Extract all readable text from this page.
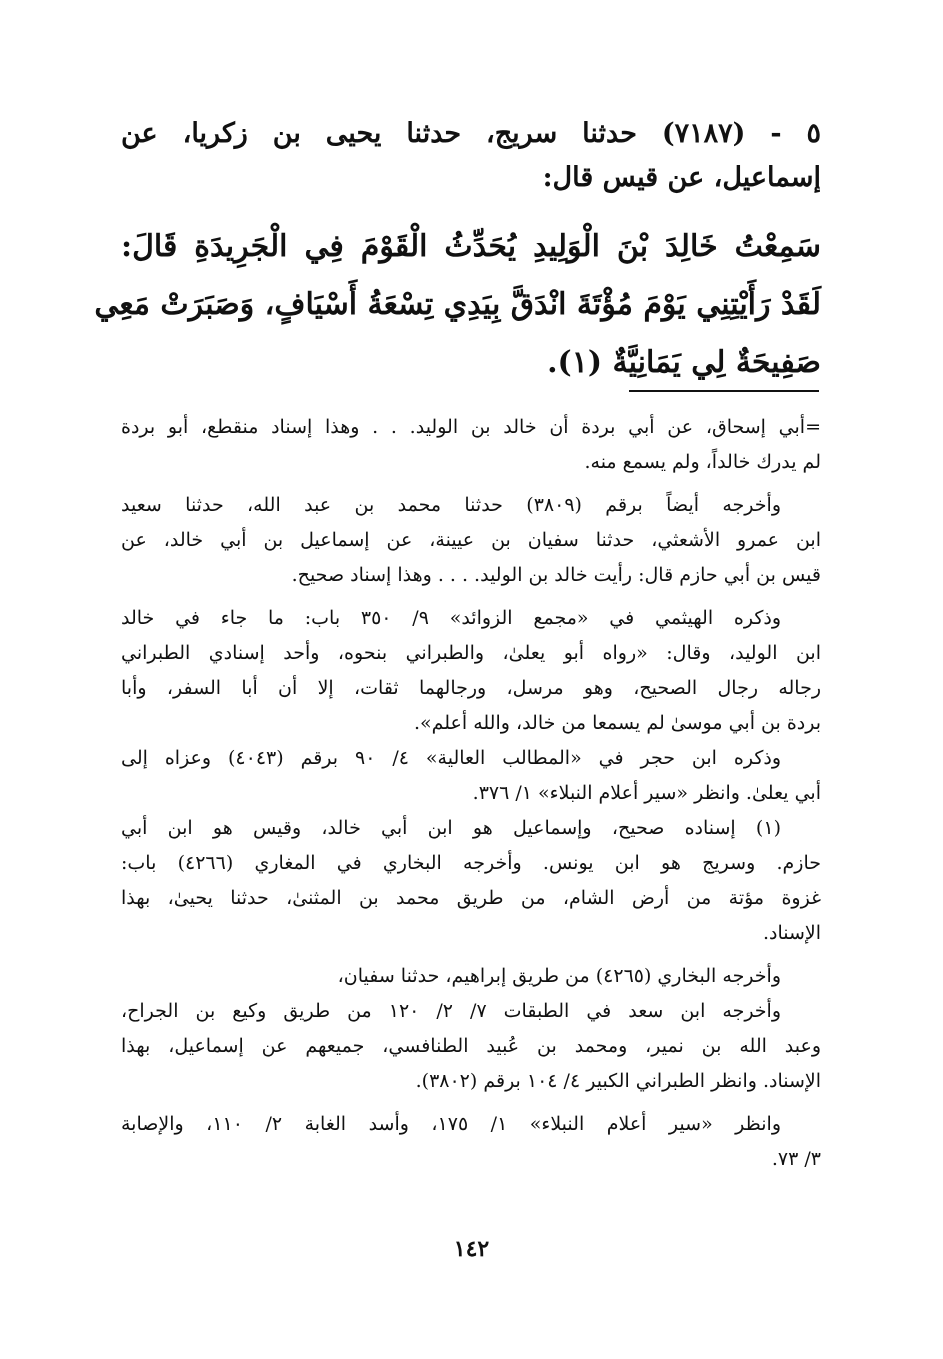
٥ - (٧١٨٧) حدثنا سريج، حدثنا يحيى بن زكريا، عن
إسماعيل، عن قيس قال:
سَمِعْتُ خَالِدَ بْنَ الْوَلِيدِ يُحَدِّثُ الْقَوْمَ فِي الْجَرِيدَةِ قَالَ:
لَقَدْ رَأَيْتِنِي يَوْمَ مُؤْتَةَ انْدَقَّ بِيَدِي تِسْعَةُ أَسْيَافٍ، وَصَبَرَتْ مَعِي
صَفِيحَةٌ لِي يَمَانِيَّةٌ (١).
=أبي إسحاق، عن أبي بردة أن خالد بن الوليد. . . وهذا إسناد منقطع، أبو بردة
لم يدرك خالداً، ولم يسمع منه.
وأخرجه أيضاً برقم (٣٨٠٩) حدثنا محمد بن عبد الله، حدثنا سعيد
ابن عمرو الأشعثي، حدثنا سفيان بن عيينة، عن إسماعيل بن أبي خالد، عن
قيس بن أبي حازم قال: رأيت خالد بن الوليد. . . . وهذا إسناد صحيح.
وذكره الهيثمي في «مجمع الزوائد» ٩/ ٣٥٠ باب: ما جاء في خالد
ابن الوليد، وقال: «رواه أبو يعلىٰ، والطبراني بنحوه، وأحد إسنادي الطبراني
رجاله رجال الصحيح، وهو مرسل، ورجالهما ثقات، إلا أن أبا السفر، وأبا
بردة بن أبي موسىٰ لم يسمعا من خالد، والله أعلم».
وذكره ابن حجر في «المطالب العالية» ٤/ ٩٠ برقم (٤٠٤٣) وعزاه إلى
أبي يعلىٰ. وانظر «سير أعلام النبلاء» ١/ ٣٧٦.
(١) إسناده صحيح، وإسماعيل هو ابن أبي خالد، وقيس هو ابن أبي
حازم. وسريج هو ابن يونس. وأخرجه البخاري في المغاري (٤٢٦٦) باب:
غزوة مؤتة من أرض الشام، من طريق محمد بن المثنىٰ، حدثنا يحيىٰ، بهذا
الإسناد.
وأخرجه البخاري (٤٢٦٥) من طريق إبراهيم، حدثنا سفيان،
وأخرجه ابن سعد في الطبقات ٧/ ٢/ ١٢٠ من طريق وكيع بن الجراح،
وعبد الله بن نمير، ومحمد بن عُبيد الطنافسي، جميعهم عن إسماعيل، بهذا
الإسناد. وانظر الطبراني الكبير ٤/ ١٠٤ برقم (٣٨٠٢).
وانظر «سير أعلام النبلاء» ١/ ١٧٥، وأسد الغابة ٢/ ١١٠، والإصابة
٣/ ٧٣.
١٤٢
